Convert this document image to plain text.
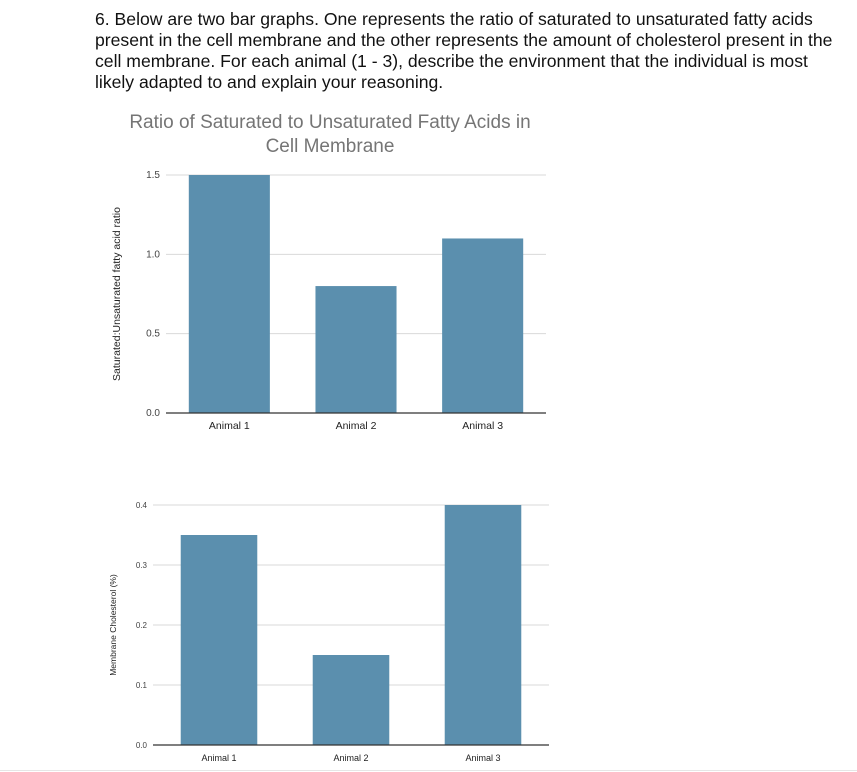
6. Below are two bar graphs. One represents the ratio of saturated to unsaturated fatty acids present in the cell membrane and the other represents the amount of cholesterol present in the cell membrane. For each animal (1 - 3), describe the environment that the individual is most likely adapted to and explain your reasoning.

Ratio of Saturated to Unsaturated Fatty Acids in
Cell Membrane
0.0
0.5
1.0
1.5
Saturated:Unsaturated fatty acid ratio
Animal 1	Animal 2	Animal 3
0.0
0.1
0.2
0.3
0.4
Membrane Cholesterol (%)
Animal 1	Animal 2	Animal 3
